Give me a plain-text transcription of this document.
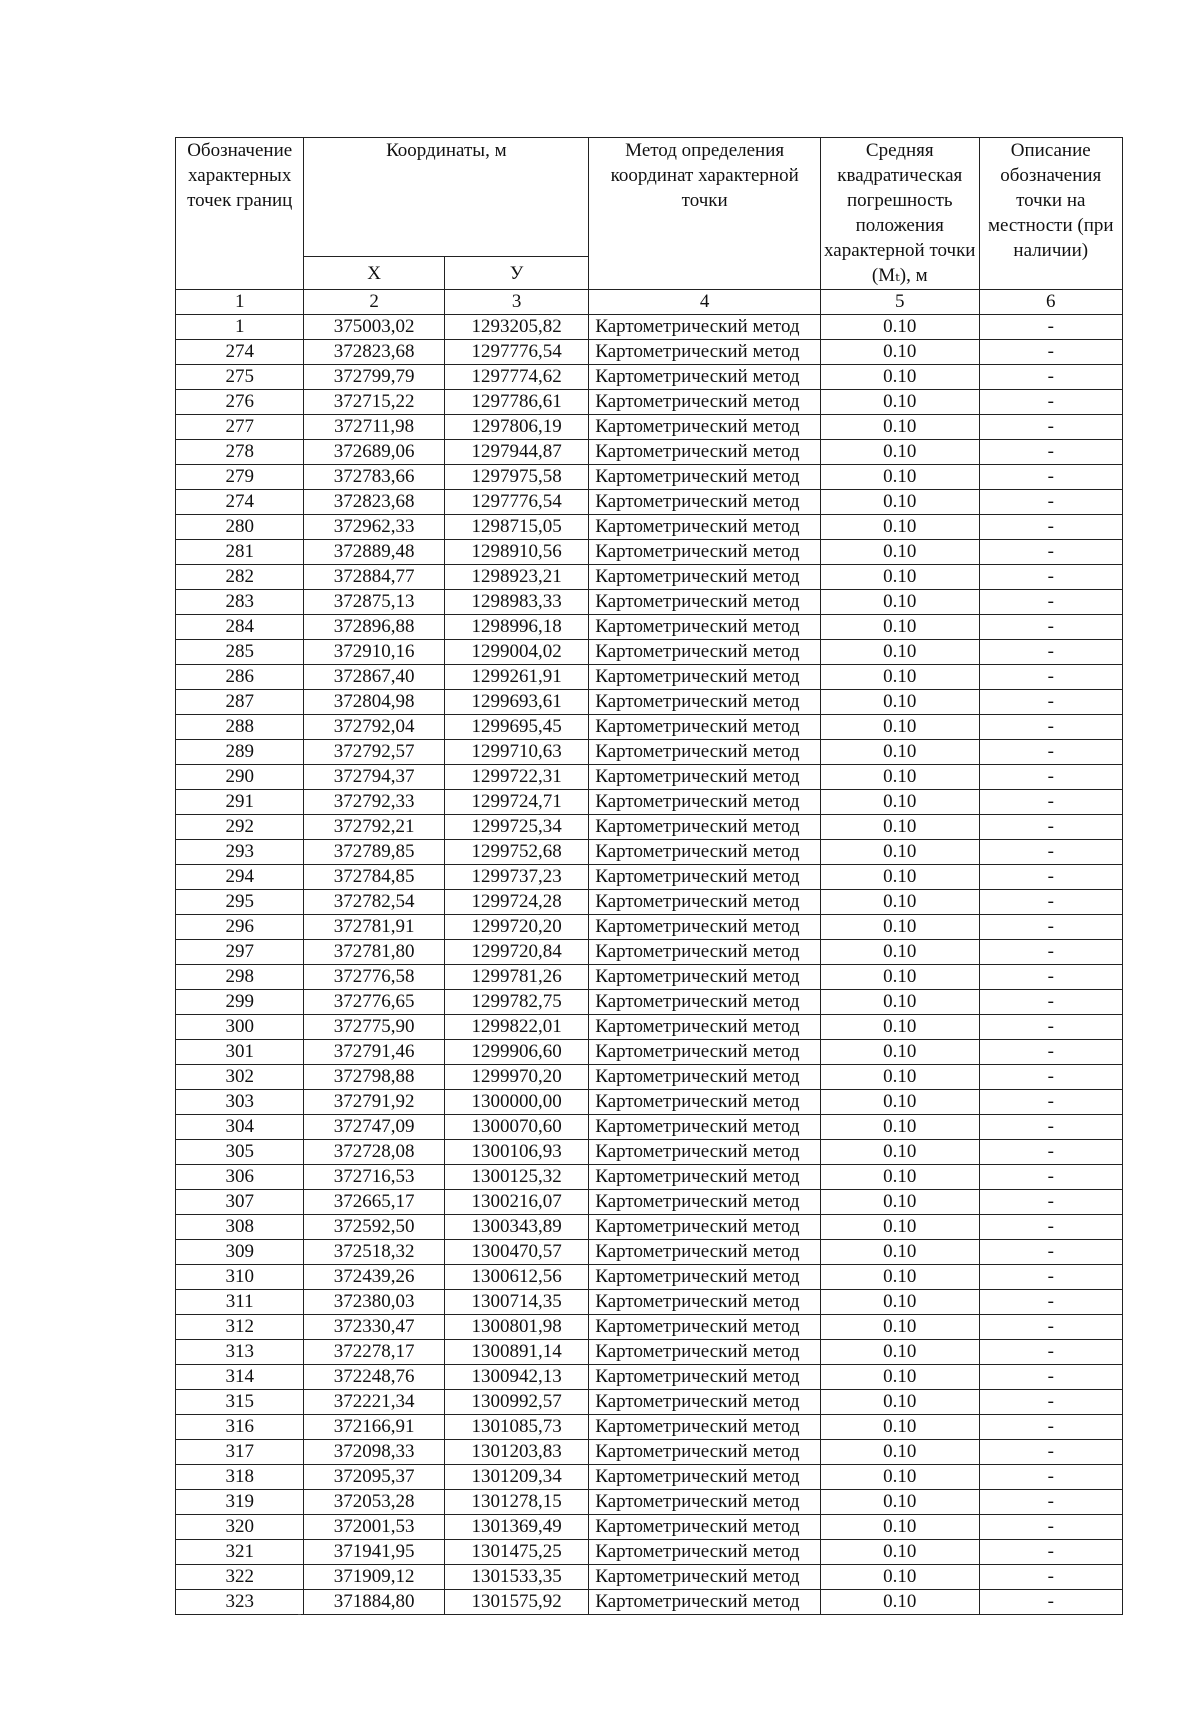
Обозначение характерных точек границ	Координаты, м		Метод определения координат характерной точки	Средняя квадратическая погрешность положения характерной точки (Mₜ), м	Описание обозначения точки на местности (при наличии)
	Х	У			
1	2	3	4	5	6
1	375003,02	1293205,82	Картометрический метод	0.10	-
274	372823,68	1297776,54	Картометрический метод	0.10	-
275	372799,79	1297774,62	Картометрический метод	0.10	-
276	372715,22	1297786,61	Картометрический метод	0.10	-
277	372711,98	1297806,19	Картометрический метод	0.10	-
278	372689,06	1297944,87	Картометрический метод	0.10	-
279	372783,66	1297975,58	Картометрический метод	0.10	-
274	372823,68	1297776,54	Картометрический метод	0.10	-
280	372962,33	1298715,05	Картометрический метод	0.10	-
281	372889,48	1298910,56	Картометрический метод	0.10	-
282	372884,77	1298923,21	Картометрический метод	0.10	-
283	372875,13	1298983,33	Картометрический метод	0.10	-
284	372896,88	1298996,18	Картометрический метод	0.10	-
285	372910,16	1299004,02	Картометрический метод	0.10	-
286	372867,40	1299261,91	Картометрический метод	0.10	-
287	372804,98	1299693,61	Картометрический метод	0.10	-
288	372792,04	1299695,45	Картометрический метод	0.10	-
289	372792,57	1299710,63	Картометрический метод	0.10	-
290	372794,37	1299722,31	Картометрический метод	0.10	-
291	372792,33	1299724,71	Картометрический метод	0.10	-
292	372792,21	1299725,34	Картометрический метод	0.10	-
293	372789,85	1299752,68	Картометрический метод	0.10	-
294	372784,85	1299737,23	Картометрический метод	0.10	-
295	372782,54	1299724,28	Картометрический метод	0.10	-
296	372781,91	1299720,20	Картометрический метод	0.10	-
297	372781,80	1299720,84	Картометрический метод	0.10	-
298	372776,58	1299781,26	Картометрический метод	0.10	-
299	372776,65	1299782,75	Картометрический метод	0.10	-
300	372775,90	1299822,01	Картометрический метод	0.10	-
301	372791,46	1299906,60	Картометрический метод	0.10	-
302	372798,88	1299970,20	Картометрический метод	0.10	-
303	372791,92	1300000,00	Картометрический метод	0.10	-
304	372747,09	1300070,60	Картометрический метод	0.10	-
305	372728,08	1300106,93	Картометрический метод	0.10	-
306	372716,53	1300125,32	Картометрический метод	0.10	-
307	372665,17	1300216,07	Картометрический метод	0.10	-
308	372592,50	1300343,89	Картометрический метод	0.10	-
309	372518,32	1300470,57	Картометрический метод	0.10	-
310	372439,26	1300612,56	Картометрический метод	0.10	-
311	372380,03	1300714,35	Картометрический метод	0.10	-
312	372330,47	1300801,98	Картометрический метод	0.10	-
313	372278,17	1300891,14	Картометрический метод	0.10	-
314	372248,76	1300942,13	Картометрический метод	0.10	-
315	372221,34	1300992,57	Картометрический метод	0.10	-
316	372166,91	1301085,73	Картометрический метод	0.10	-
317	372098,33	1301203,83	Картометрический метод	0.10	-
318	372095,37	1301209,34	Картометрический метод	0.10	-
319	372053,28	1301278,15	Картометрический метод	0.10	-
320	372001,53	1301369,49	Картометрический метод	0.10	-
321	371941,95	1301475,25	Картометрический метод	0.10	-
322	371909,12	1301533,35	Картометрический метод	0.10	-
323	371884,80	1301575,92	Картометрический метод	0.10	-
